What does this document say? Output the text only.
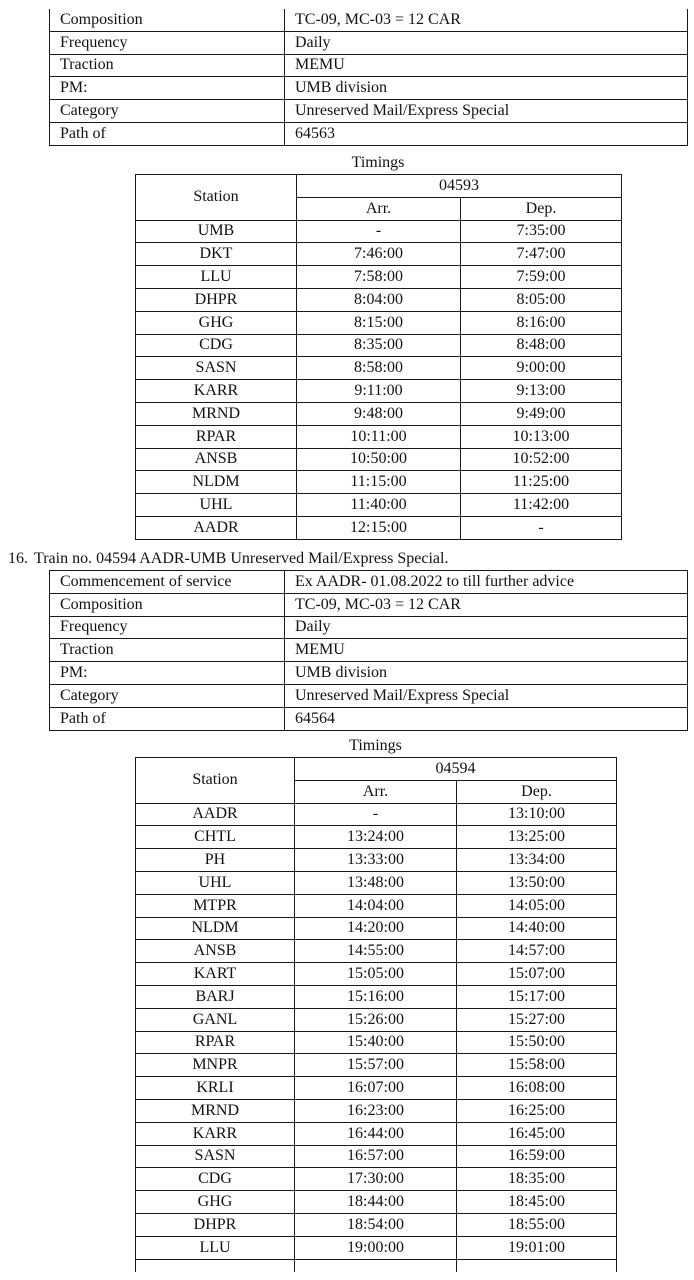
Composition	TC-09, MC-03 = 12 CAR
Frequency	Daily
Traction	MEMU
PM:	UMB division
Category	Unreserved Mail/Express Special
Path of	64563
Timings
Station	04593	
	Arr.	Dep.
UMB	-	7:35:00
DKT	7:46:00	7:47:00
LLU	7:58:00	7:59:00
DHPR	8:04:00	8:05:00
GHG	8:15:00	8:16:00
CDG	8:35:00	8:48:00
SASN	8:58:00	9:00:00
KARR	9:11:00	9:13:00
MRND	9:48:00	9:49:00
RPAR	10:11:00	10:13:00
ANSB	10:50:00	10:52:00
NLDM	11:15:00	11:25:00
UHL	11:40:00	11:42:00
AADR	12:15:00	-
16. Train no. 04594 AADR-UMB Unreserved Mail/Express Special.
Commencement of service	Ex AADR- 01.08.2022 to till further advice
Composition	TC-09, MC-03 = 12 CAR
Frequency	Daily
Traction	MEMU
PM:	UMB division
Category	Unreserved Mail/Express Special
Path of	64564
Timings
Station	04594	
	Arr.	Dep.
AADR	-	13:10:00
CHTL	13:24:00	13:25:00
PH	13:33:00	13:34:00
UHL	13:48:00	13:50:00
MTPR	14:04:00	14:05:00
NLDM	14:20:00	14:40:00
ANSB	14:55:00	14:57:00
KART	15:05:00	15:07:00
BARJ	15:16:00	15:17:00
GANL	15:26:00	15:27:00
RPAR	15:40:00	15:50:00
MNPR	15:57:00	15:58:00
KRLI	16:07:00	16:08:00
MRND	16:23:00	16:25:00
KARR	16:44:00	16:45:00
SASN	16:57:00	16:59:00
CDG	17:30:00	18:35:00
GHG	18:44:00	18:45:00
DHPR	18:54:00	18:55:00
LLU	19:00:00	19:01:00
